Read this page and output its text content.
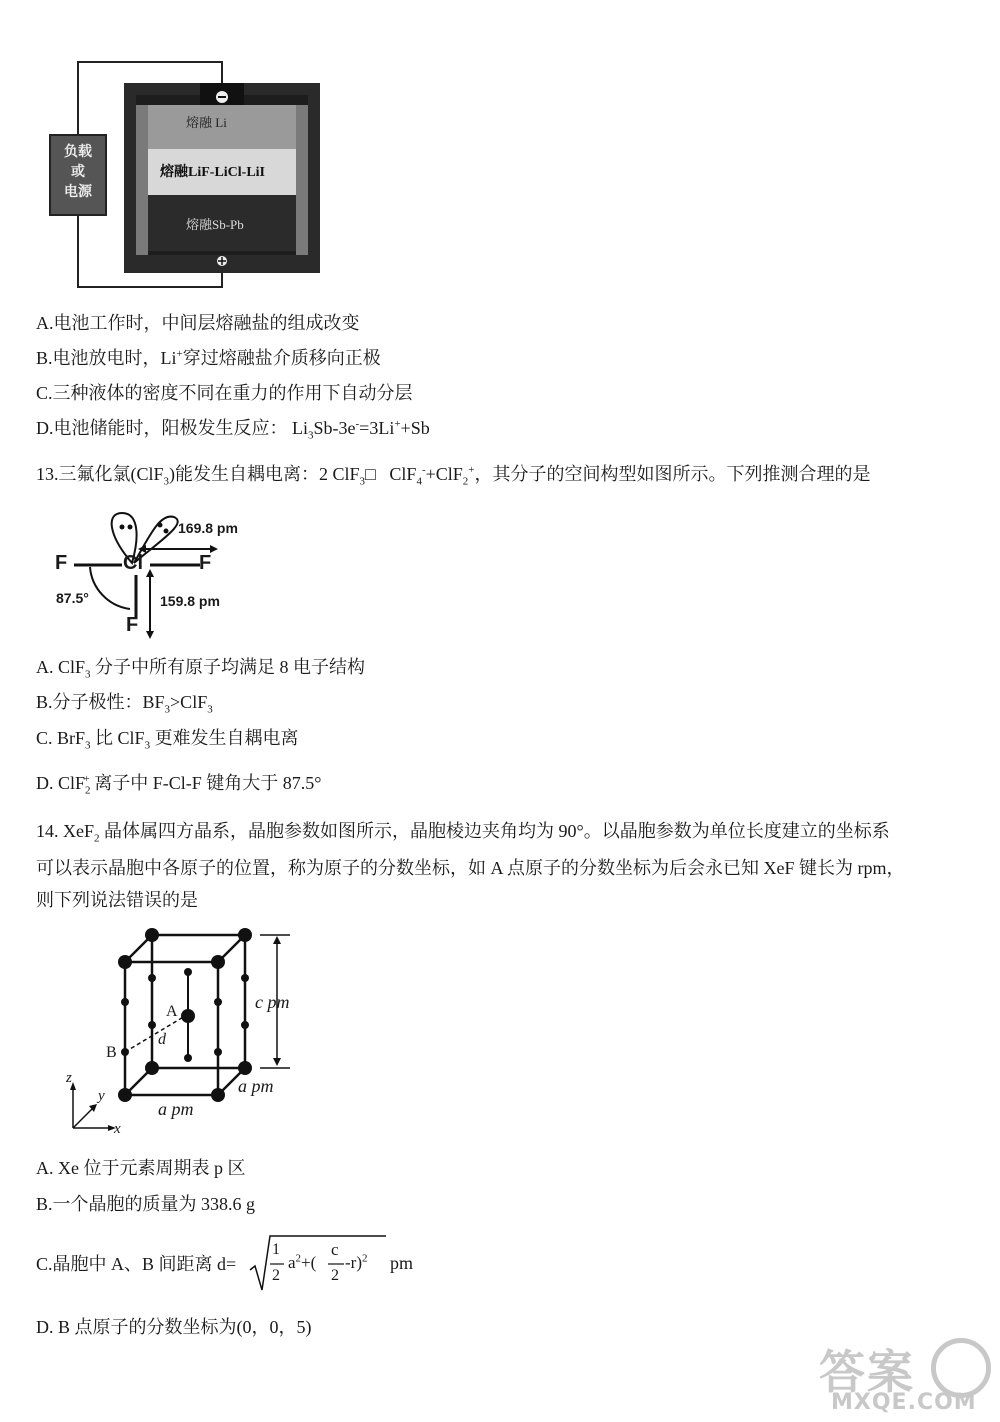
熔融 Li
熔融LiF-LiCl-LiI
熔融Sb-Pb
负载
或
电源
A.电池工作时，中间层熔融盐的组成改变
B.电池放电时，Li+穿过熔融盐介质移向正极
C.三种液体的密度不同在重力的作用下自动分层
D.电池储能时，阳极发生反应： $Li_3Sb-3e^-=3Li^++Sb$
13.三氟化氯(ClF$_3$)能发生自耦电离：2 ClF$_3$□ ClF$_4$-+ClF$_2$+，其分子的空间构型如图所示。下列推测合理的是
169.8 pm
159.8 pm
87.5°
F	Cl	F
F
A. ClF$_3$ 分子中所有原子均满足 8 电子结构
B.分子极性：$BF_3>ClF_3$
C. BrF$_3$ 比 ClF$_3$ 更难发生自耦电离
D. ClF$_2$+ 离子中 F-Cl-F 键角大于 87.5°
14. XeF$_2$ 晶体属四方晶系，晶胞参数如图所示，晶胞棱边夹角均为 90°。以晶胞参数为单位长度建立的坐标系
可以表示晶胞中各原子的位置，称为原子的分数坐标，如 A 点原子的分数坐标为后会永已知 XeF 键长为 rpm，
则下列说法错误的是
c pm
a pm
a pm
A
B
d
x
y
z
A. Xe 位于元素周期表 p 区
B.一个晶胞的质量为 338.6 g
C.晶胞中 A、B 间距离 d=
1
2
$a^2+$(
c
2
-r)$^2$ pm
D. B 点原子的分数坐标为(0，0，5)
答案
MXQE.COM
